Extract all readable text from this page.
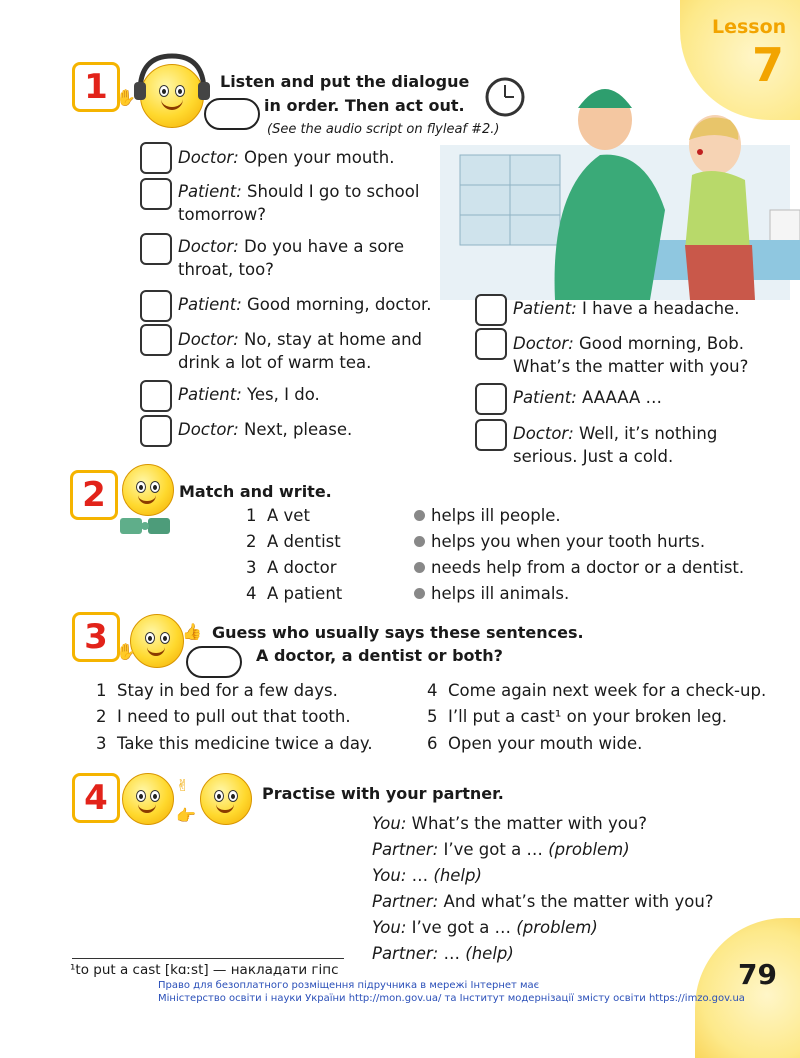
Lesson
7
1 ✋
Listen and put the dialogue
in order. Then act out.
(See the audio script on flyleaf #2.)
Doctor: Open your mouth.
Patient: Should I go to school
tomorrow?
Doctor: Do you have a sore
throat, too?
Patient: Good morning, doctor.
Doctor: No, stay at home and
drink a lot of warm tea.
Patient: Yes, I do.
Doctor: Next, please.
Patient: I have a headache.
Doctor: Good morning, Bob.
What’s the matter with you?
Patient: AAAAA …
Doctor: Well, it’s nothing
serious. Just a cold.
2	Match and write.
1 A vet
2 A dentist
3 A doctor
4 A patient
helps ill people.
helps you when your tooth hurts.
needs help from a doctor or a dentist.
helps ill animals.
3 ✋
👍 Guess who usually says these sentences.
A doctor, a dentist or both?
1 Stay in bed for a few days.
2 I need to pull out that tooth.
3 Take this medicine twice a day.
4 Come again next week for a check-up.
5 I’ll put a cast¹ on your broken leg.
6 Open your mouth wide.
4	✌
👉
Practise with your partner.
You: What’s the matter with you?
Partner: I’ve got a … (problem)
You: … (help)
Partner: And what’s the matter with you?
You: I’ve got a … (problem)
Partner: … (help)
79
¹to put a cast [kɑːst] — накладати гіпс
Право для безоплатного розміщення підручника в мережі Інтернет має
Міністерство освіти і науки України http://mon.gov.ua/ та Інститут модернізації змісту освіти https://imzo.gov.ua
